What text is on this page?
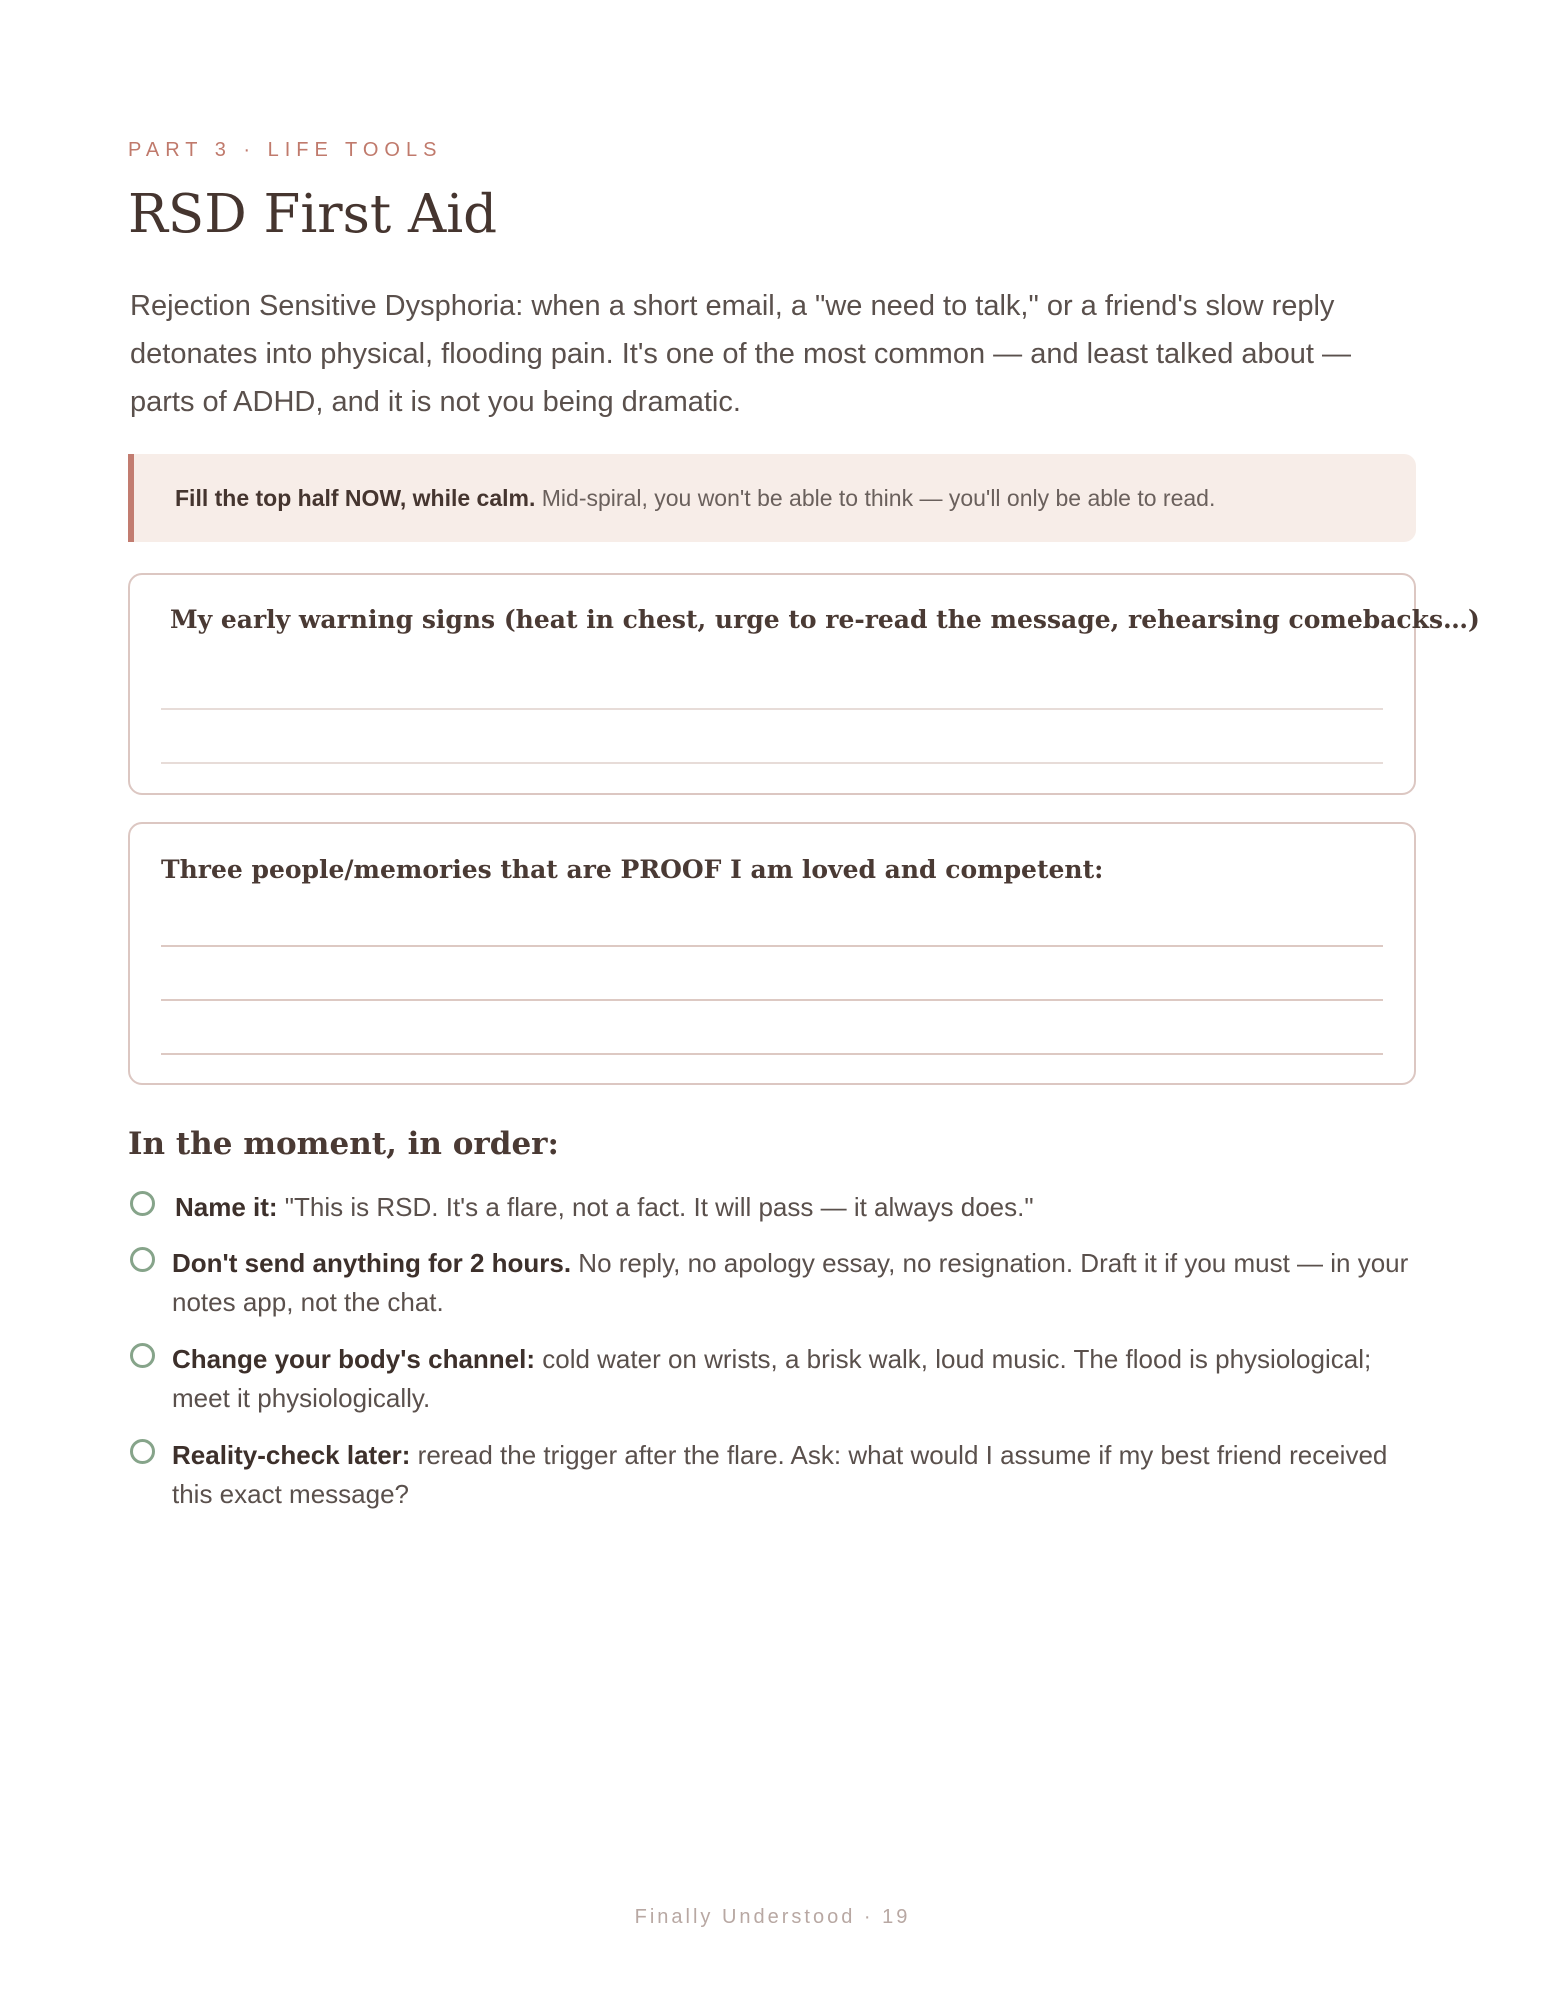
PART 3 · LIFE TOOLS
RSD First Aid

Rejection Sensitive Dysphoria: when a short email, a "we need to talk," or a friend's slow reply detonates into physical, flooding pain. It's one of the most common — and least talked about — parts of ADHD, and it is not you being dramatic.

Fill the top half NOW, while calm. Mid-spiral, you won't be able to think — you'll only be able to read.
My early warning signs (heat in chest, urge to re-read the message, rehearsing comebacks…)
Three people/memories that are PROOF I am loved and competent:
In the moment, in order:
Name it: "This is RSD. It's a flare, not a fact. It will pass — it always does."
Don't send anything for 2 hours. No reply, no apology essay, no resignation. Draft it if you must — in your notes app, not the chat.
Change your body's channel: cold water on wrists, a brisk walk, loud music. The flood is physiological; meet it physiologically.
Reality-check later: reread the trigger after the flare. Ask: what would I assume if my best friend received this exact message?
Finally Understood · 19
